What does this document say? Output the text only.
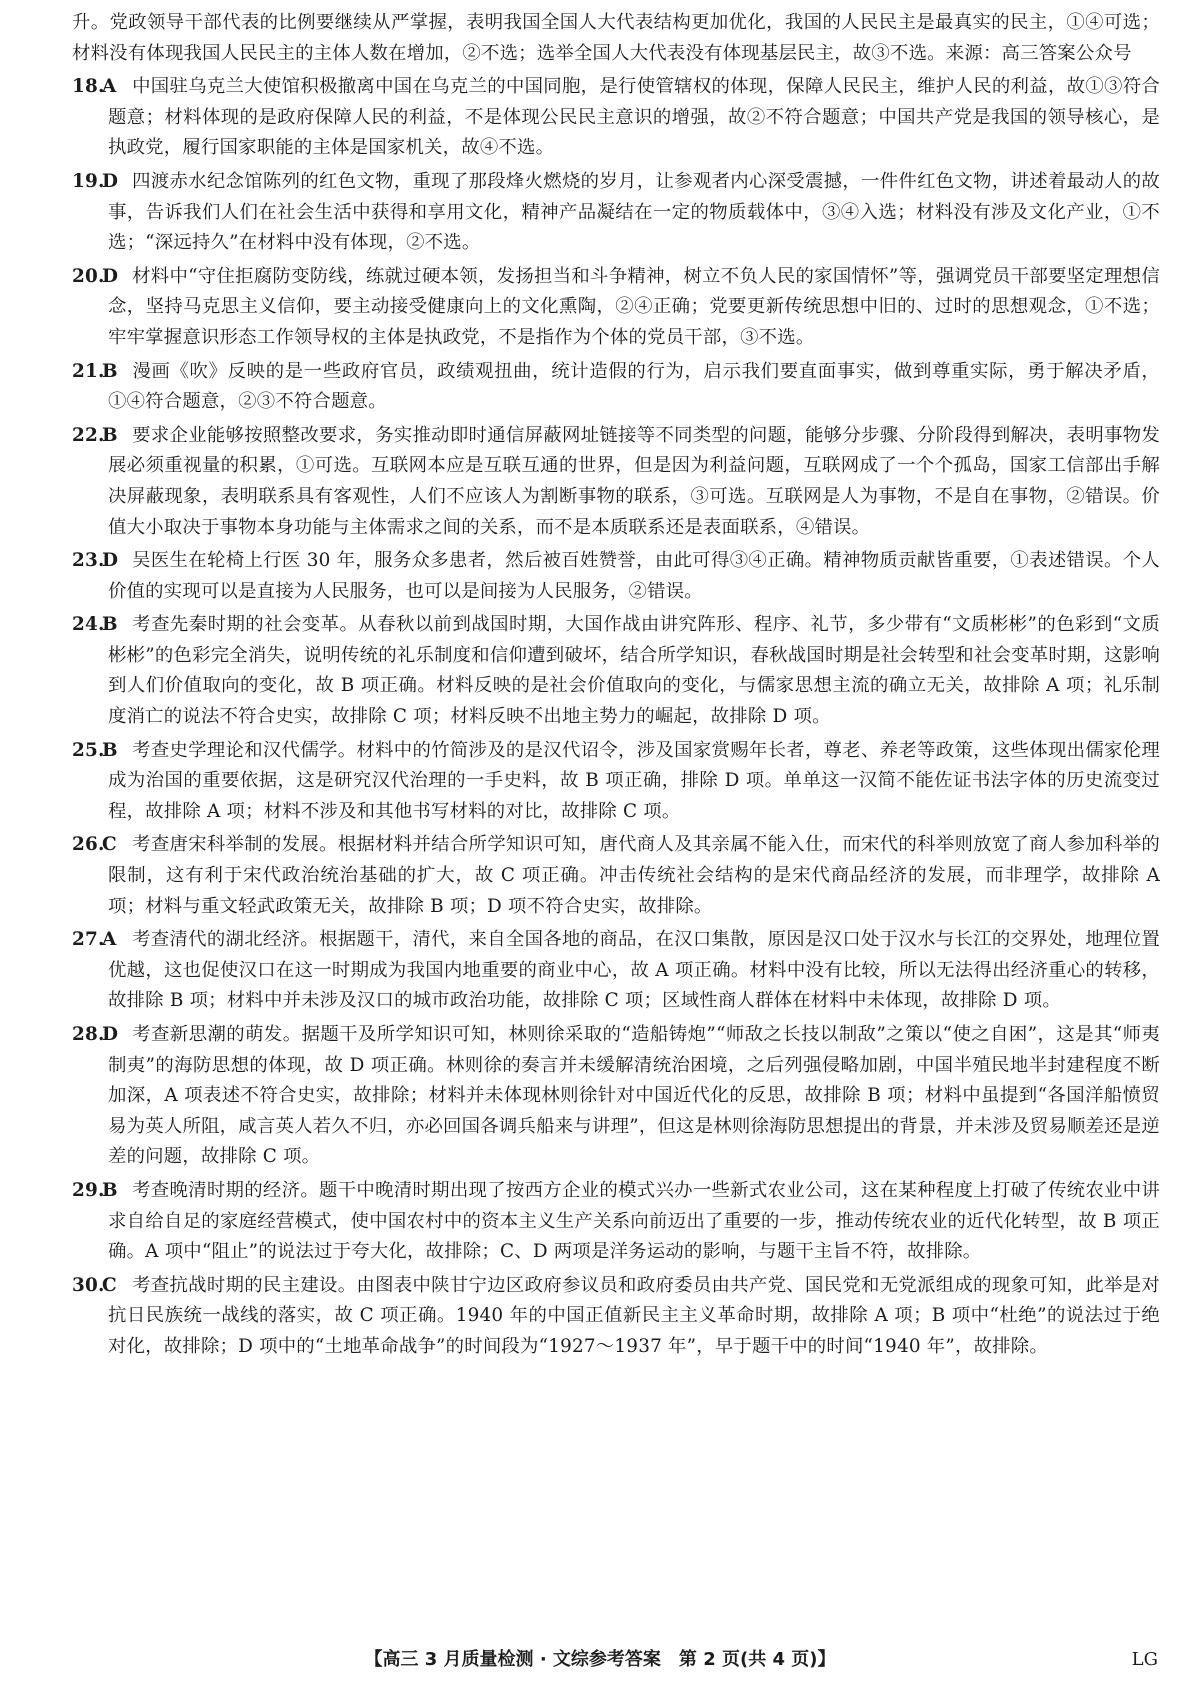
升。党政领导干部代表的比例要继续从严掌握，表明我国全国人大代表结构更加优化，我国的人民民主是最真实的民主，①④可选；材料没有体现我国人民民主的主体人数在增加，②不选；选举全国人大代表没有体现基层民主，故③不选。来源：高三答案公众号

18.A 中国驻乌克兰大使馆积极撤离中国在乌克兰的中国同胞，是行使管辖权的体现，保障人民民主，维护人民的利益，故①③符合题意；材料体现的是政府保障人民的利益，不是体现公民民主意识的增强，故②不符合题意；中国共产党是我国的领导核心，是执政党，履行国家职能的主体是国家机关，故④不选。

19.D 四渡赤水纪念馆陈列的红色文物，重现了那段烽火燃烧的岁月，让参观者内心深受震撼，一件件红色文物，讲述着最动人的故事，告诉我们人们在社会生活中获得和享用文化，精神产品凝结在一定的物质载体中，③④入选；材料没有涉及文化产业，①不选；“深远持久”在材料中没有体现，②不选。

20.D 材料中“守住拒腐防变防线，练就过硬本领，发扬担当和斗争精神，树立不负人民的家国情怀”等，强调党员干部要坚定理想信念，坚持马克思主义信仰，要主动接受健康向上的文化熏陶，②④正确；党要更新传统思想中旧的、过时的思想观念，①不选；牢牢掌握意识形态工作领导权的主体是执政党，不是指作为个体的党员干部，③不选。

21.B 漫画《吹》反映的是一些政府官员，政绩观扭曲，统计造假的行为，启示我们要直面事实，做到尊重实际，勇于解决矛盾，①④符合题意，②③不符合题意。

22.B 要求企业能够按照整改要求，务实推动即时通信屏蔽网址链接等不同类型的问题，能够分步骤、分阶段得到解决，表明事物发展必须重视量的积累，①可选。互联网本应是互联互通的世界，但是因为利益问题，互联网成了一个个孤岛，国家工信部出手解决屏蔽现象，表明联系具有客观性，人们不应该人为割断事物的联系，③可选。互联网是人为事物，不是自在事物，②错误。价值大小取决于事物本身功能与主体需求之间的关系，而不是本质联系还是表面联系，④错误。

23.D 吴医生在轮椅上行医 30 年，服务众多患者，然后被百姓赞誉，由此可得③④正确。精神物质贡献皆重要，①表述错误。个人价值的实现可以是直接为人民服务，也可以是间接为人民服务，②错误。

24.B 考查先秦时期的社会变革。从春秋以前到战国时期，大国作战由讲究阵形、程序、礼节，多少带有“文质彬彬”的色彩到“文质彬彬”的色彩完全消失，说明传统的礼乐制度和信仰遭到破坏，结合所学知识，春秋战国时期是社会转型和社会变革时期，这影响到人们价值取向的变化，故 B 项正确。材料反映的是社会价值取向的变化，与儒家思想主流的确立无关，故排除 A 项；礼乐制度消亡的说法不符合史实，故排除 C 项；材料反映不出地主势力的崛起，故排除 D 项。

25.B 考查史学理论和汉代儒学。材料中的竹简涉及的是汉代诏令，涉及国家赏赐年长者，尊老、养老等政策，这些体现出儒家伦理成为治国的重要依据，这是研究汉代治理的一手史料，故 B 项正确，排除 D 项。单单这一汉简不能佐证书法字体的历史流变过程，故排除 A 项；材料不涉及和其他书写材料的对比，故排除 C 项。

26.C 考查唐宋科举制的发展。根据材料并结合所学知识可知，唐代商人及其亲属不能入仕，而宋代的科举则放宽了商人参加科举的限制，这有利于宋代政治统治基础的扩大，故 C 项正确。冲击传统社会结构的是宋代商品经济的发展，而非理学，故排除 A 项；材料与重文轻武政策无关，故排除 B 项；D 项不符合史实，故排除。

27.A 考查清代的湖北经济。根据题干，清代，来自全国各地的商品，在汉口集散，原因是汉口处于汉水与长江的交界处，地理位置优越，这也促使汉口在这一时期成为我国内地重要的商业中心，故 A 项正确。材料中没有比较，所以无法得出经济重心的转移，故排除 B 项；材料中并未涉及汉口的城市政治功能，故排除 C 项；区域性商人群体在材料中未体现，故排除 D 项。

28.D 考查新思潮的萌发。据题干及所学知识可知，林则徐采取的“造船铸炮”“师敌之长技以制敌”之策以“使之自困”，这是其“师夷制夷”的海防思想的体现，故 D 项正确。林则徐的奏言并未缓解清统治困境，之后列强侵略加剧，中国半殖民地半封建程度不断加深，A 项表述不符合史实，故排除；材料并未体现林则徐针对中国近代化的反思，故排除 B 项；材料中虽提到“各国洋船愤贸易为英人所阻，咸言英人若久不归，亦必回国各调兵船来与讲理”，但这是林则徐海防思想提出的背景，并未涉及贸易顺差还是逆差的问题，故排除 C 项。

29.B 考查晚清时期的经济。题干中晚清时期出现了按西方企业的模式兴办一些新式农业公司，这在某种程度上打破了传统农业中讲求自给自足的家庭经营模式，使中国农村中的资本主义生产关系向前迈出了重要的一步，推动传统农业的近代化转型，故 B 项正确。A 项中“阻止”的说法过于夸大化，故排除；C、D 两项是洋务运动的影响，与题干主旨不符，故排除。

30.C 考查抗战时期的民主建设。由图表中陕甘宁边区政府参议员和政府委员由共产党、国民党和无党派组成的现象可知，此举是对抗日民族统一战线的落实，故 C 项正确。1940 年的中国正值新民主主义革命时期，故排除 A 项；B 项中“杜绝”的说法过于绝对化，故排除；D 项中的“土地革命战争”的时间段为“1927～1937 年”，早于题干中的时间“1940 年”，故排除。

【高三 3 月质量检测 · 文综参考答案　第 2 页(共 4 页)】	LG
